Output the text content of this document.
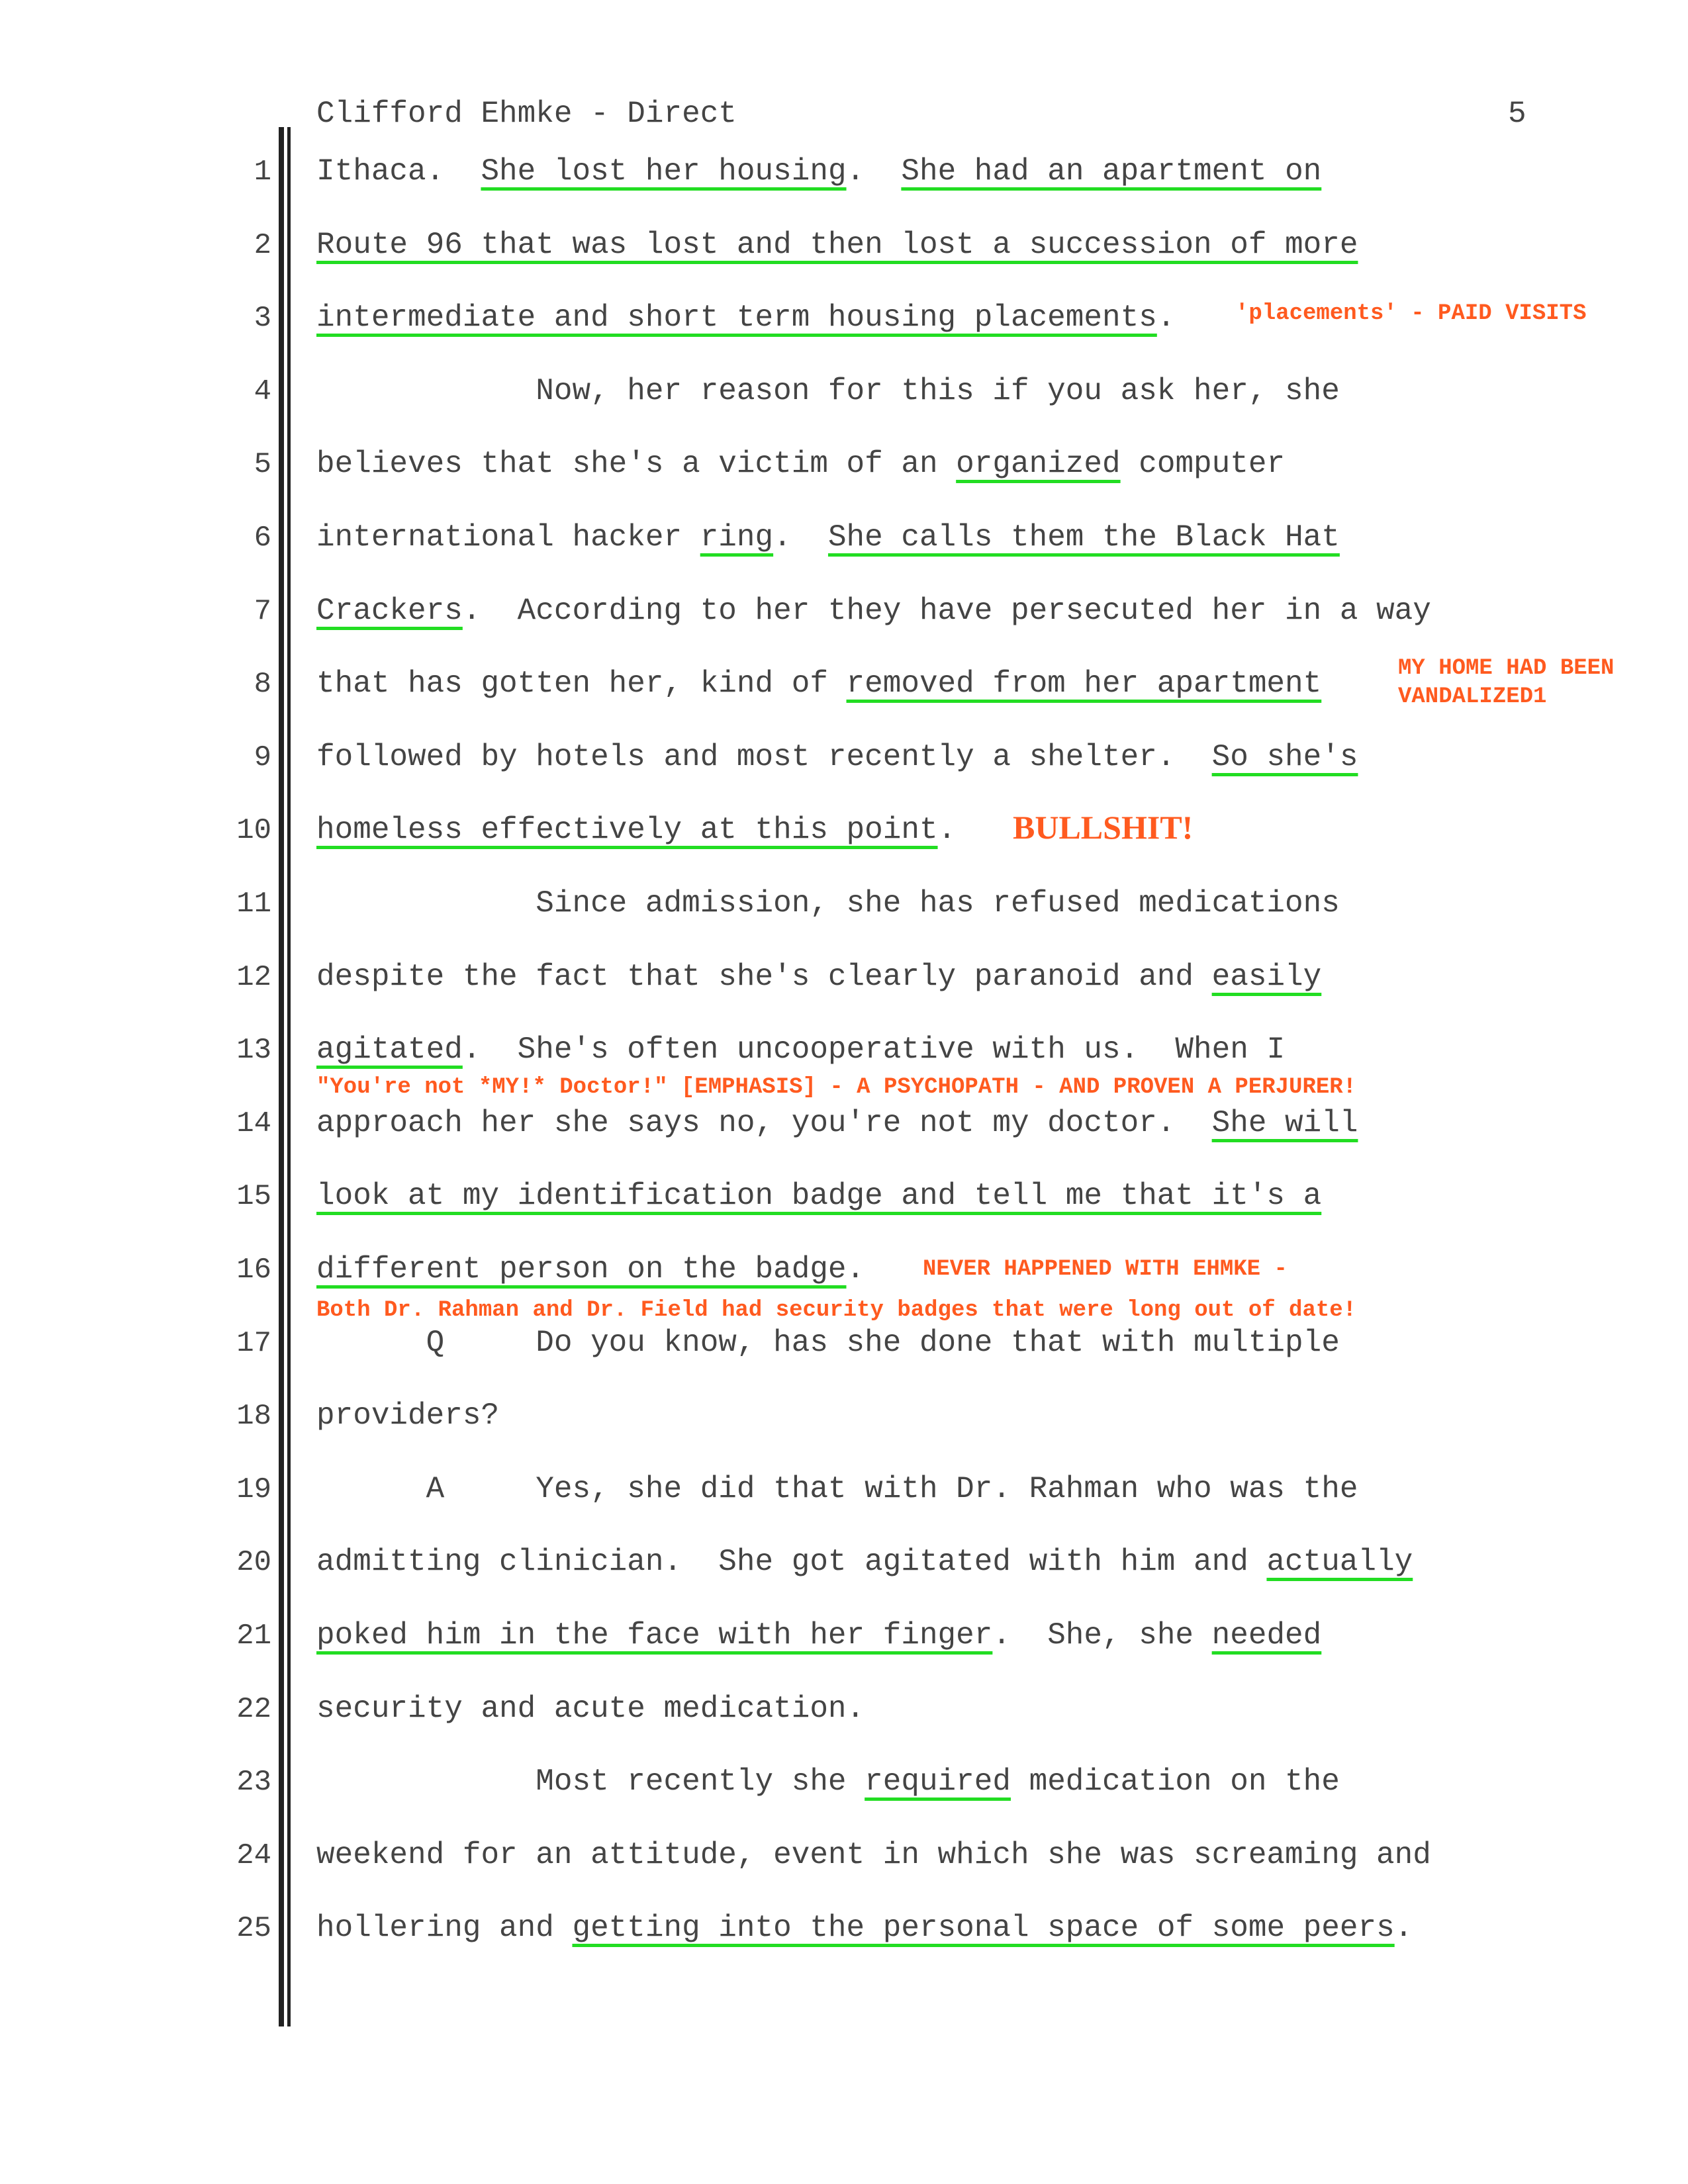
Clifford Ehmke - Direct	5
1 Ithaca.  She lost her housing.  She had an apartment on
2 Route 96 that was lost and then lost a succession of more
3 intermediate and short term housing placements.
4 Now, her reason for this if you ask her, she
5 believes that she's a victim of an organized computer
6 international hacker ring.  She calls them the Black Hat
7 Crackers.  According to her they have persecuted her in a way
8 that has gotten her, kind of removed from her apartment
9 followed by hotels and most recently a shelter.  So she's
10 homeless effectively at this point.
11 Since admission, she has refused medications
12 despite the fact that she's clearly paranoid and easily
13 agitated.  She's often uncooperative with us.  When I
14 approach her she says no, you're not my doctor.  She will
15 look at my identification badge and tell me that it's a
16 different person on the badge.
17 Q     Do you know, has she done that with multiple
18 providers?
19 A     Yes, she did that with Dr. Rahman who was the
20 admitting clinician.  She got agitated with him and actually
21 poked him in the face with her finger.  She, she needed
22 security and acute medication.
23 Most recently she required medication on the
24 weekend for an attitude, event in which she was screaming and
25 hollering and getting into the personal space of some peers.
'placements' - PAID VISITS
MY HOME HAD BEEN
VANDALIZED1
BULLSHIT!
"You're not *MY!* Doctor!" [EMPHASIS] - A PSYCHOPATH - AND PROVEN A PERJURER!
NEVER HAPPENED WITH EHMKE -
Both Dr. Rahman and Dr. Field had security badges that were long out of date!
